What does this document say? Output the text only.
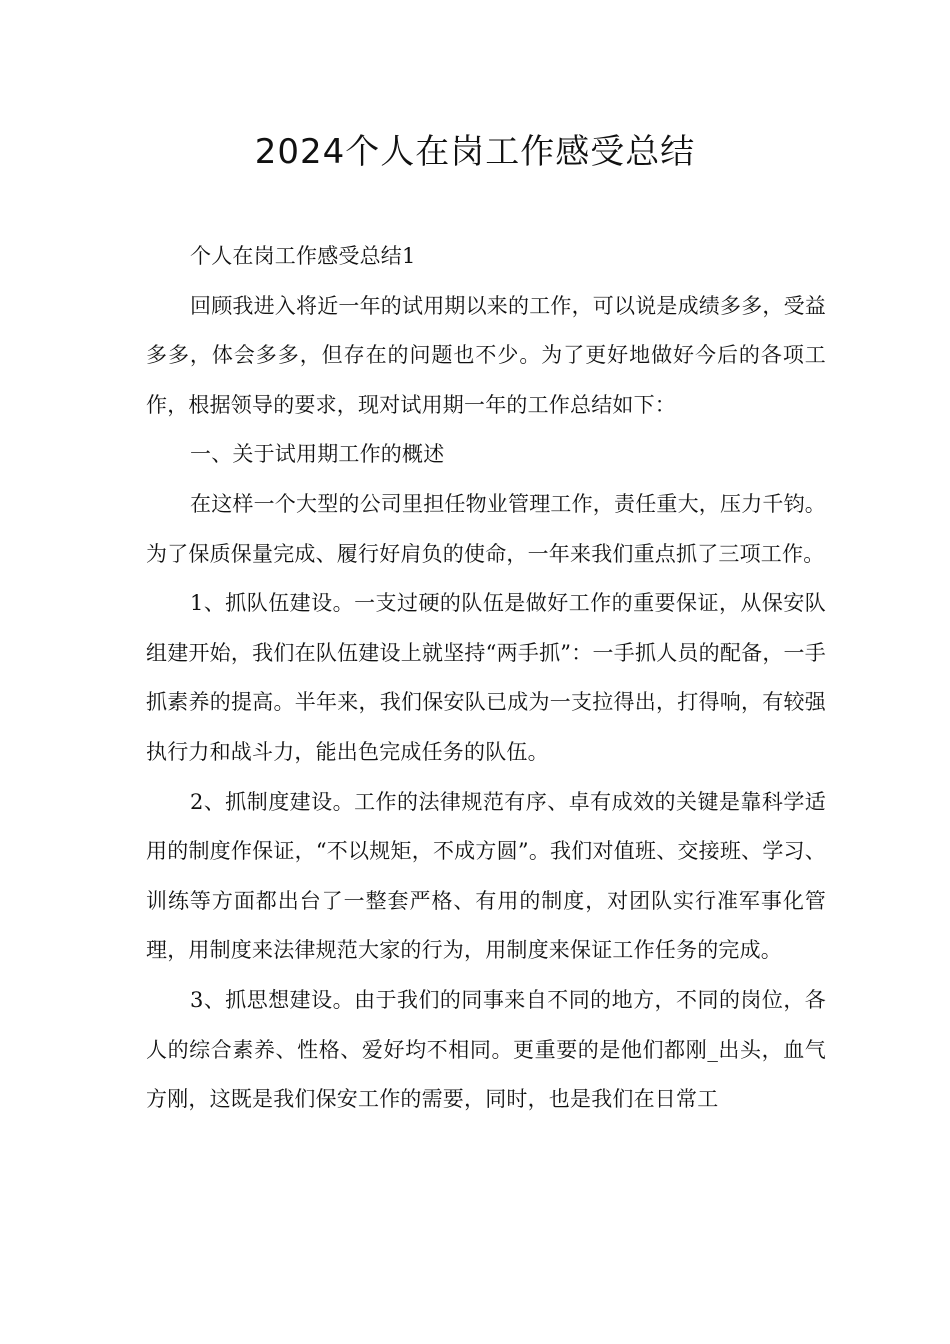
2024个人在岗工作感受总结

个人在岗工作感受总结1

回顾我进入将近一年的试用期以来的工作，可以说是成绩多多，受益多多，体会多多，但存在的问题也不少。为了更好地做好今后的各项工作，根据领导的要求，现对试用期一年的工作总结如下：

一、关于试用期工作的概述

在这样一个大型的公司里担任物业管理工作，责任重大，压力千钧。为了保质保量完成、履行好肩负的使命，一年来我们重点抓了三项工作。

1、抓队伍建设。一支过硬的队伍是做好工作的重要保证，从保安队组建开始，我们在队伍建设上就坚持“两手抓”：一手抓人员的配备，一手抓素养的提高。半年来，我们保安队已成为一支拉得出，打得响，有较强执行力和战斗力，能出色完成任务的队伍。

2、抓制度建设。工作的法律规范有序、卓有成效的关键是靠科学适用的制度作保证，“不以规矩，不成方圆”。我们对值班、交接班、学习、训练等方面都出台了一整套严格、有用的制度，对团队实行准军事化管理，用制度来法律规范大家的行为，用制度来保证工作任务的完成。

3、抓思想建设。由于我们的同事来自不同的地方，不同的岗位，各人的综合素养、性格、爱好均不相同。更重要的是他们都刚_出头，血气方刚，这既是我们保安工作的需要，同时，也是我们在日常工
